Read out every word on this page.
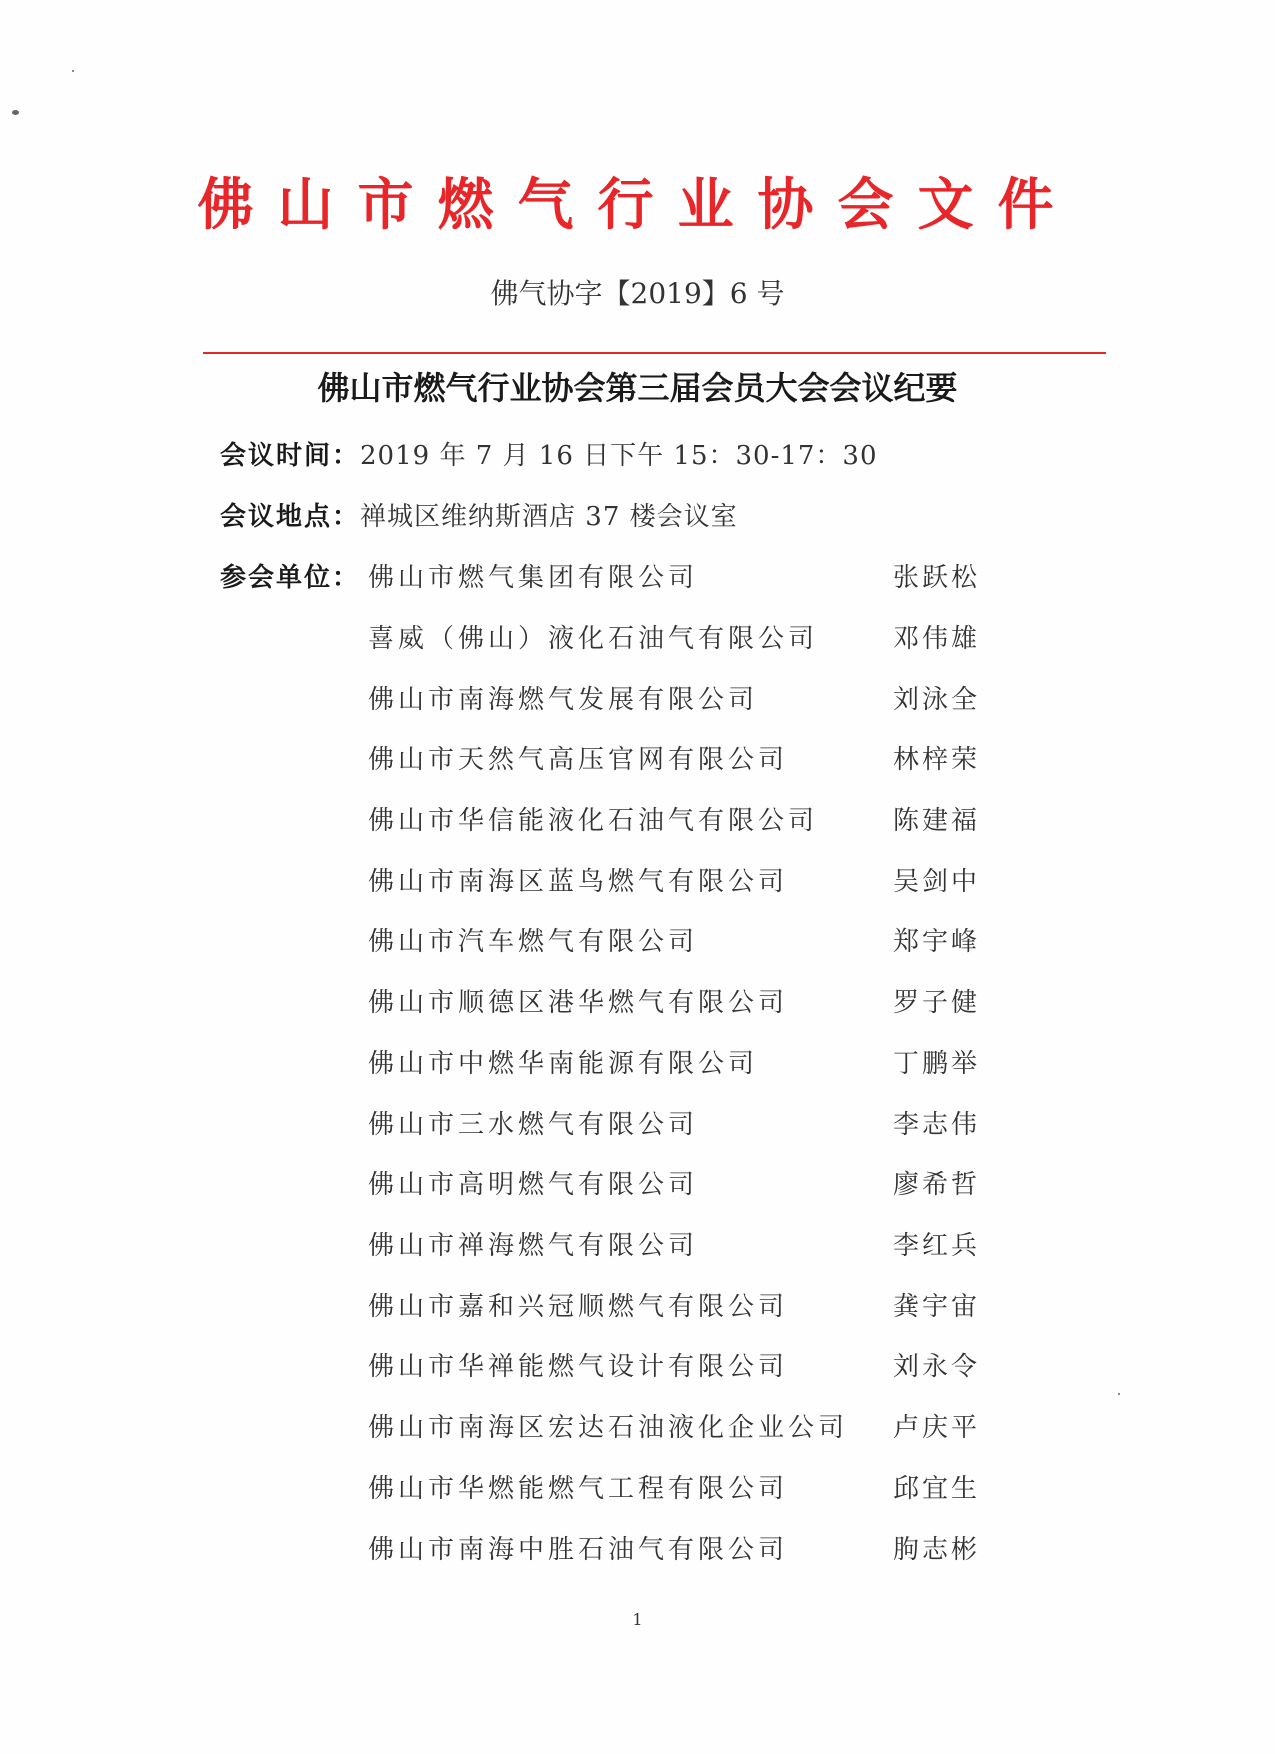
佛山市燃气行业协会文件
佛气协字【2019】6 号
佛山市燃气行业协会第三届会员大会会议纪要
会议时间：2019 年 7 月 16 日下午 15：30-17：30
会议地点：禅城区维纳斯酒店 37 楼会议室
参会单位： 佛山市燃气集团有限公司	张跃松
喜威（佛山）液化石油气有限公司	邓伟雄
佛山市南海燃气发展有限公司	刘泳全
佛山市天然气高压官网有限公司	林梓荣
佛山市华信能液化石油气有限公司	陈建福
佛山市南海区蓝鸟燃气有限公司	吴剑中
佛山市汽车燃气有限公司	郑宇峰
佛山市顺德区港华燃气有限公司	罗子健
佛山市中燃华南能源有限公司	丁鹏举
佛山市三水燃气有限公司	李志伟
佛山市高明燃气有限公司	廖希哲
佛山市禅海燃气有限公司	李红兵
佛山市嘉和兴冠顺燃气有限公司	龚宇宙
佛山市华禅能燃气设计有限公司	刘永令
佛山市南海区宏达石油液化企业公司 卢庆平
佛山市华燃能燃气工程有限公司	邱宜生
佛山市南海中胜石油气有限公司	朐志彬
1
